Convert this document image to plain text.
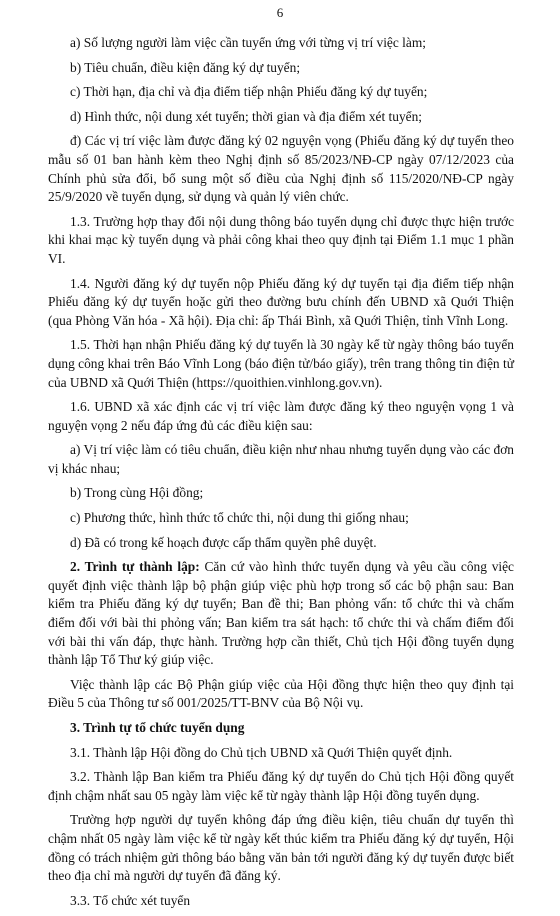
6

a) Số lượng người làm việc cần tuyển ứng với từng vị trí việc làm;

b) Tiêu chuẩn, điều kiện đăng ký dự tuyển;

c) Thời hạn, địa chỉ và địa điểm tiếp nhận Phiếu đăng ký dự tuyển;

d) Hình thức, nội dung xét tuyển; thời gian và địa điểm xét tuyển;

đ) Các vị trí việc làm được đăng ký 02 nguyện vọng (Phiếu đăng ký dự tuyển theo mẫu số 01 ban hành kèm theo Nghị định số 85/2023/NĐ-CP ngày 07/12/2023 của Chính phủ sửa đổi, bổ sung một số điều của Nghị định số 115/2020/NĐ-CP ngày 25/9/2020 về tuyển dụng, sử dụng và quản lý viên chức.

1.3. Trường hợp thay đổi nội dung thông báo tuyển dụng chỉ được thực hiện trước khi khai mạc kỳ tuyển dụng và phải công khai theo quy định tại Điểm 1.1 mục 1 phần VI.

1.4. Người đăng ký dự tuyển nộp Phiếu đăng ký dự tuyển tại địa điểm tiếp nhận Phiếu đăng ký dự tuyển hoặc gửi theo đường bưu chính đến UBND xã Quới Thiện (qua Phòng Văn hóa - Xã hội). Địa chỉ: ấp Thái Bình, xã Quới Thiện, tỉnh Vĩnh Long.

1.5. Thời hạn nhận Phiếu đăng ký dự tuyển là 30 ngày kể từ ngày thông báo tuyển dụng công khai trên Báo Vĩnh Long (báo điện tử/báo giấy), trên trang thông tin điện tử của UBND xã Quới Thiện (https://quoithien.vinhlong.gov.vn).

1.6. UBND xã xác định các vị trí việc làm được đăng ký theo nguyện vọng 1 và nguyện vọng 2 nếu đáp ứng đủ các điều kiện sau:

a) Vị trí việc làm có tiêu chuẩn, điều kiện như nhau nhưng tuyển dụng vào các đơn vị khác nhau;

b) Trong cùng Hội đồng;

c) Phương thức, hình thức tổ chức thi, nội dung thi giống nhau;

d) Đã có trong kế hoạch được cấp thẩm quyền phê duyệt.

2. Trình tự thành lập: Căn cứ vào hình thức tuyển dụng và yêu cầu công việc quyết định việc thành lập bộ phận giúp việc phù hợp trong số các bộ phận sau: Ban kiểm tra Phiếu đăng ký dự tuyển; Ban đề thi; Ban phỏng vấn: tổ chức thi và chấm điểm đối với bài thi phỏng vấn; Ban kiểm tra sát hạch: tổ chức thi và chấm điểm đối với bài thi vấn đáp, thực hành. Trường hợp cần thiết, Chủ tịch Hội đồng tuyển dụng thành lập Tổ Thư ký giúp việc.

Việc thành lập các Bộ Phận giúp việc của Hội đồng thực hiện theo quy định tại Điều 5 của Thông tư số 001/2025/TT-BNV của Bộ Nội vụ.

3. Trình tự tổ chức tuyển dụng

3.1. Thành lập Hội đồng do Chủ tịch UBND xã Quới Thiện quyết định.

3.2. Thành lập Ban kiểm tra Phiếu đăng ký dự tuyển do Chủ tịch Hội đồng quyết định chậm nhất sau 05 ngày làm việc kể từ ngày thành lập Hội đồng tuyển dụng.

Trường hợp người dự tuyển không đáp ứng điều kiện, tiêu chuẩn dự tuyển thì chậm nhất 05 ngày làm việc kể từ ngày kết thúc kiểm tra Phiếu đăng ký dự tuyển, Hội đồng có trách nhiệm gửi thông báo bằng văn bản tới người đăng ký dự tuyển được biết theo địa chỉ mà người dự tuyển đã đăng ký.

3.3. Tổ chức xét tuyển
